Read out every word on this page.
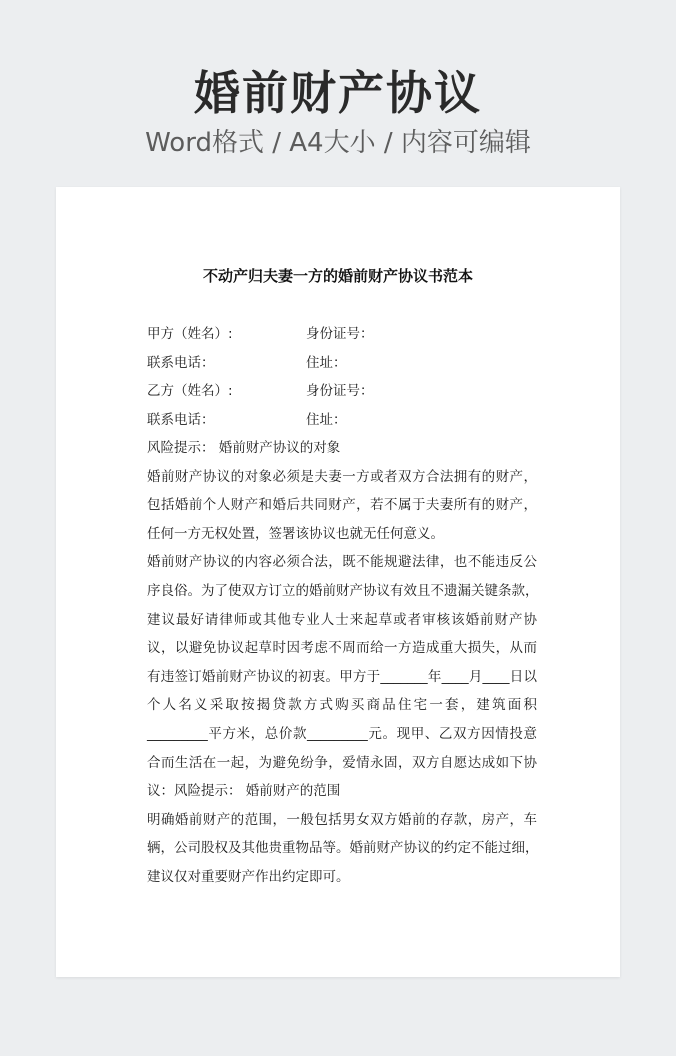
婚前财产协议
Word格式 / A4大小 / 内容可编辑
不动产归夫妻一方的婚前财产协议书范本
甲方（姓名）:	身份证号：
联系电话：	住址：
乙方（姓名）:	身份证号：
联系电话：	住址：
风险提示： 婚前财产协议的对象
婚前财产协议的对象必须是夫妻一方或者双方合法拥有的财产，
包括婚前个人财产和婚后共同财产，若不属于夫妻所有的财产，
任何一方无权处置，签署该协议也就无任何意义。
婚前财产协议的内容必须合法，既不能规避法律，也不能违反公
序良俗。为了使双方订立的婚前财产协议有效且不遗漏关键条款，
建议最好请律师或其他专业人士来起草或者审核该婚前财产协
议，以避免协议起草时因考虑不周而给一方造成重大损失，从而
有违签订婚前财产协议的初衷。甲方于_______年____月____日以
个人名义采取按揭贷款方式购买商品住宅一套，建筑面积
_________平方米，总价款_________元。现甲、乙双方因情投意
合而生活在一起，为避免纷争，爱情永固，双方自愿达成如下协
议：风险提示： 婚前财产的范围
明确婚前财产的范围，一般包括男女双方婚前的存款，房产，车
辆，公司股权及其他贵重物品等。婚前财产协议的约定不能过细，
建议仅对重要财产作出约定即可。
